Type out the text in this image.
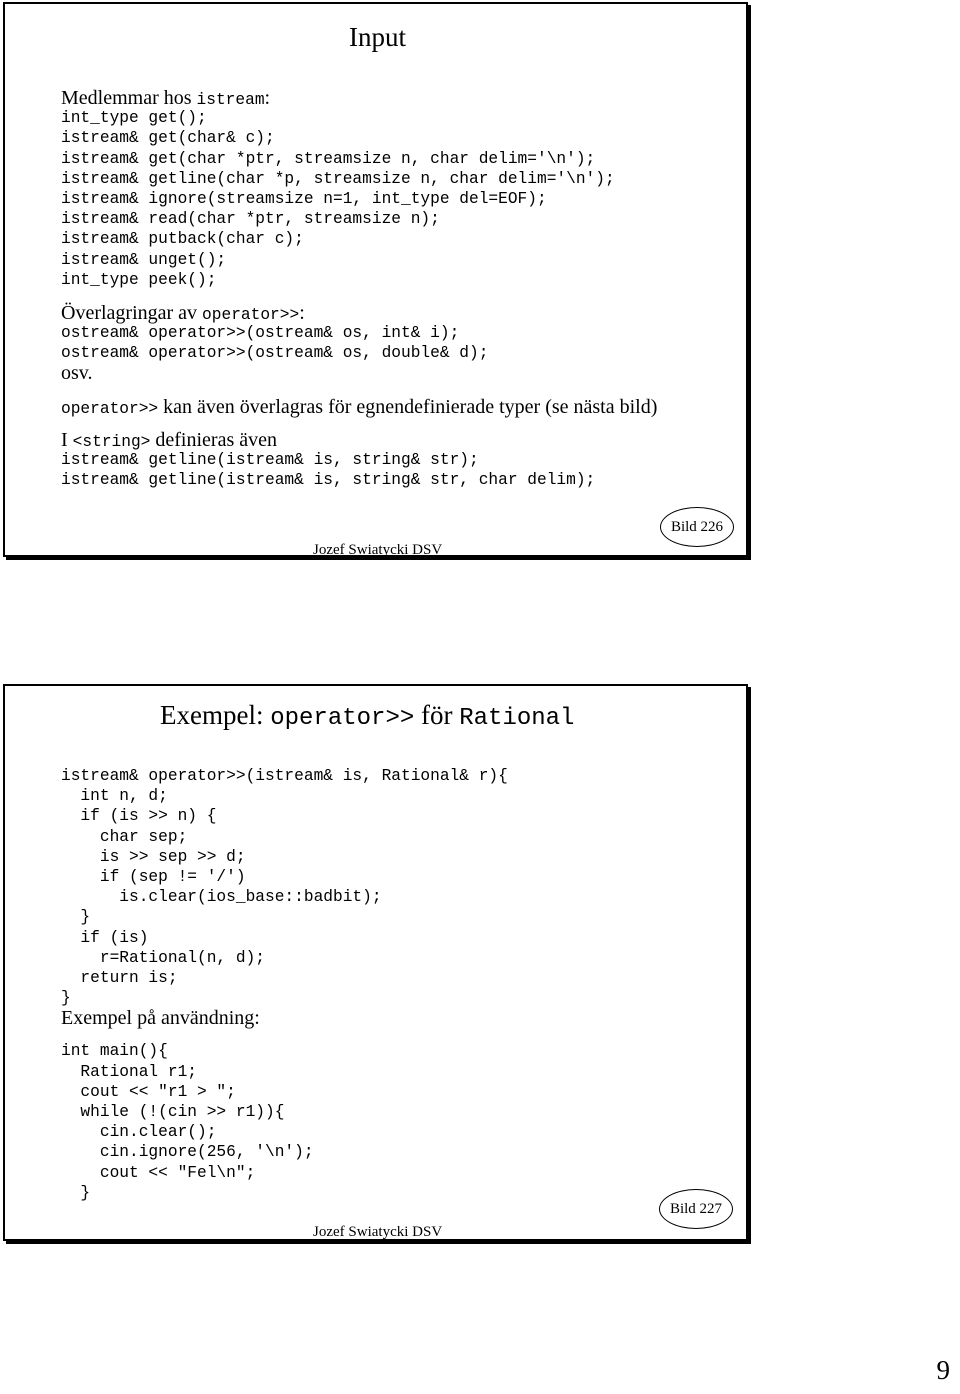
Input
Medlemmar hos istream:
int_type get();
istream& get(char& c);
istream& get(char *ptr, streamsize n, char delim='\n');
istream& getline(char *p, streamsize n, char delim='\n');
istream& ignore(streamsize n=1, int_type del=EOF);
istream& read(char *ptr, streamsize n);
istream& putback(char c);
istream& unget();
int_type peek();
Överlagringar av operator>>:
ostream& operator>>(ostream& os, int& i);
ostream& operator>>(ostream& os, double& d);
osv.
operator>> kan även överlagras för egnendefinierade typer (se nästa bild)
I <string> definieras även
istream& getline(istream& is, string& str);
istream& getline(istream& is, string& str, char delim);
Jozef Swiatycki DSV
Bild 226
Exempel: operator>> för Rational
istream& operator>>(istream& is, Rational& r){
int n, d;
if (is >> n) {
char sep;
is >> sep >> d;
if (sep != '/')
is.clear(ios_base::badbit);
}
if (is)
r=Rational(n, d);
return is;
}
Exempel på användning:
int main(){
Rational r1;
cout << "r1 > ";
while (!(cin >> r1)){
cin.clear();
cin.ignore(256, '\n');
cout << "Fel\n";
}
Jozef Swiatycki DSV
Bild 227
9
